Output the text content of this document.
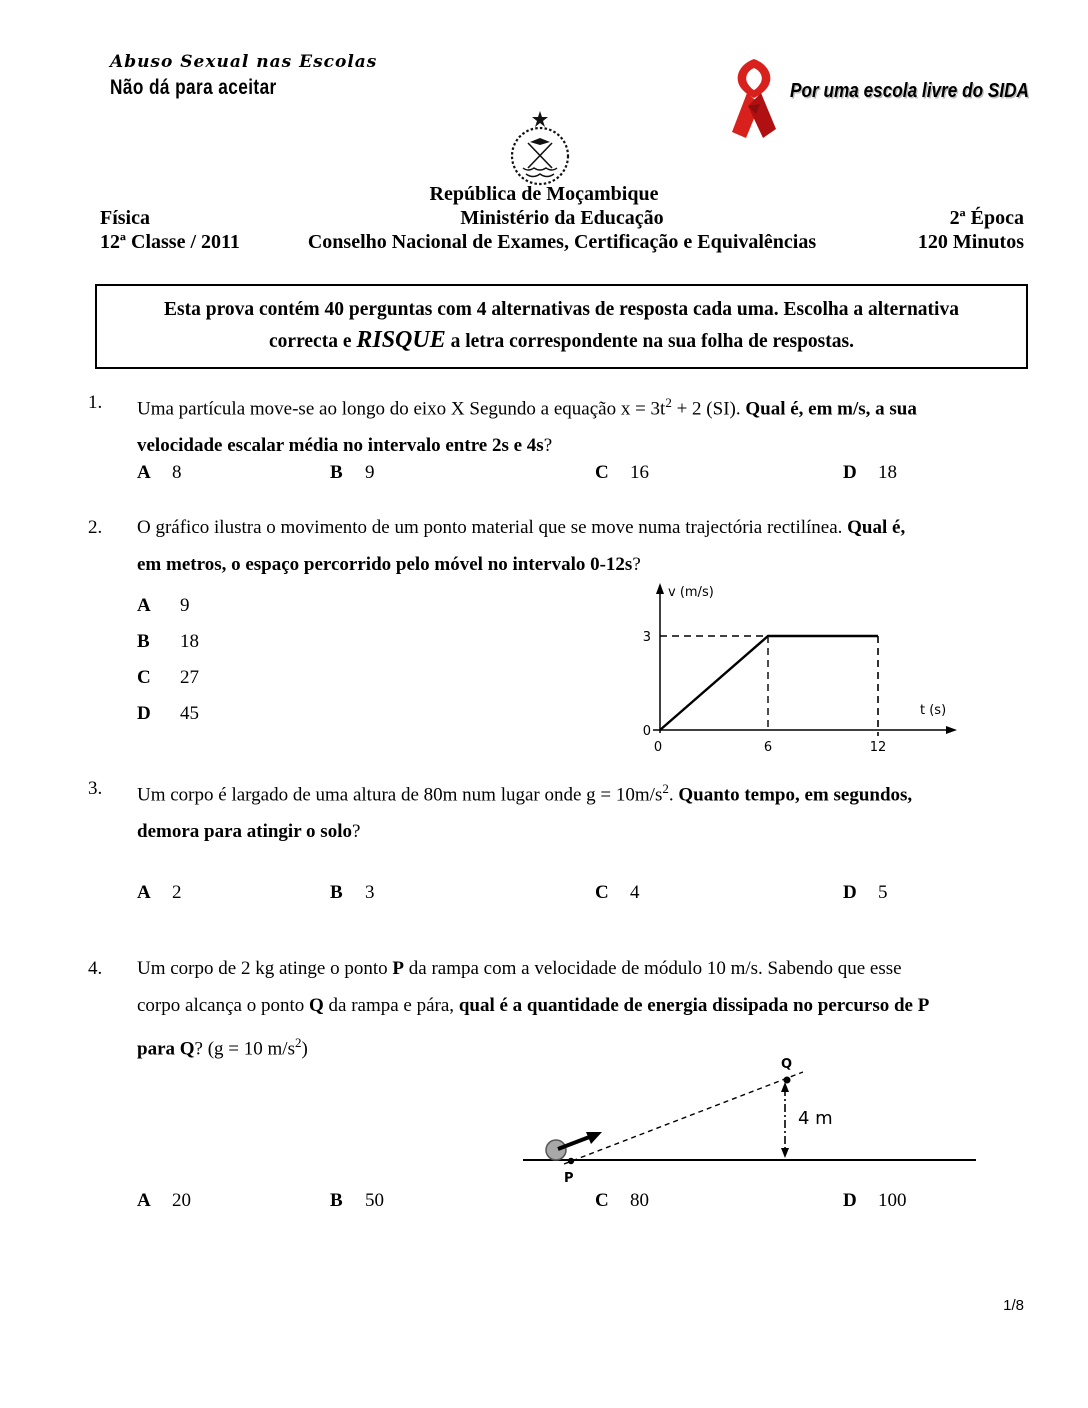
Abuso Sexual nas Escolas
Não dá para aceitar	Por uma escola livre do SIDA
República de Moçambique
Física	Ministério da Educação	2ª Época
12ª Classe / 2011	Conselho Nacional de Exames, Certificação e Equivalências	120 Minutos
Esta prova contém 40 perguntas com 4 alternativas de resposta cada uma. Escolha a alternativa
correcta e RISQUE a letra correspondente na sua folha de respostas.
1. Uma partícula move-se ao longo do eixo X Segundo a equação $x = 3t^2 + 2$ (SI). Qual é, em m/s, a sua
velocidade escalar média no intervalo entre 2s e 4s?
A 8	B 9	C 16	D 18
2. O gráfico ilustra o movimento de um ponto material que se move numa trajectória rectilínea. Qual é,
em metros, o espaço percorrido pelo móvel no intervalo 0-12s?
A 9
B 18
C 27
D 45
v (m/s)
t (s)
3
0
0	6	12
3. Um corpo é largado de uma altura de 80m num lugar onde $g = 10m/s^2$. Quanto tempo, em segundos,
demora para atingir o solo?
A 2	B 3	C 4	D 5
4. Um corpo de 2 kg atinge o ponto P da rampa com a velocidade de módulo 10 m/s. Sabendo que esse
corpo alcança o ponto Q da rampa e pára, qual é a quantidade de energia dissipada no percurso de P
para Q? (g = 10 $m/s^2$)
Q
P
4 m
A 20	B 50	C 80	D 100
1/8
